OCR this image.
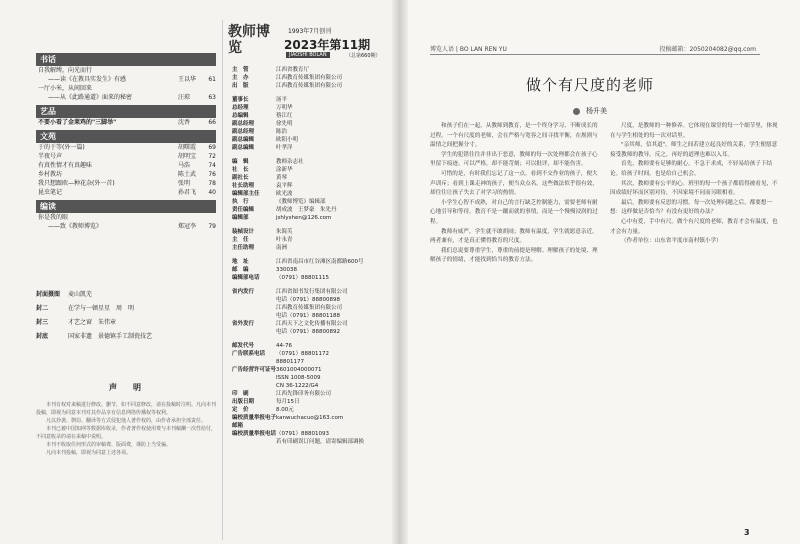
书话
自我解缚，向光而行
——读《在教具实发生》有感	王以华	61
一厅小米，从间回来
——从《此路通道》面来的秘密	汪琼	63
艺品
不要小看了金莱鸡的"三脚举"	沈香	66
文苑
于的于等(外一篇)	胡曙霞	69
半夜号声	胡明宝	72
有真性情才有真趣味	马浩	74
乡村教坊	陈土武	76
我只想跟欧—种花杂(外一首)	张明	78
昆虫笔记	孙君飞	40
编读
你是我的眼
——致《教师博览》	郑冠李	79
封面摄图 麦山凯芜
封二	在学与一顿星星　周　明
封三	才艺之窗　朱伟章
封底	国家非遗　景德镇手工制瓷技艺
声　明

本刊有权对来稿进行修改、删节，如不同意修改，请在投稿时注明。凡向本刊投稿，即视为同意本刊对其作品享有信息网络传播权等权利。

凡以抄袭、剽窃、翻译等方式侵犯他人著作权的，由作者承担全部责任。

本刊已被中国知网等数据库收录，作者著作权使用费与本刊稿酬一次性给付，不同意收录的请在来稿中说明。

本刊不收取任何形式的审稿费、版面费，谨防上当受骗。

凡向本刊投稿，即视为同意上述各项。

教师博览
1993年7月创刊
2023年第11期
JIAOSHI BOLAN	（总第660期）
主　管	江西省教育厅
主　办	江西教育传媒集团有限公司
出　版	江西教育传媒集团有限公司
董事长	汤平
总经理	万明华
总编辑	蔡江红
副总经理	徐先明
副总经理	陈浩
副总编辑	欧阳小明
副总编辑	叶孝洋
编　辑	教师杂志社
社　长	涂新华
副社长	黄琴
社长助理	袁平辉
编辑部主任	欧光波
执　行	《教师博览》编辑部
责任编辑	胡成波　王梦豪　朱先丹
编辑部	jshlyshen@126.com
装帧设计	朱海芙
主　任	叶永青
主任助理	南洲
地　址	江西省南昌市红谷滩区南都路600号
邮　编	330038
编辑部电话	（0791）88801115
省内发行	江西省图书发行集团有限公司
电话（0791）88800898
江西教育传媒集团有限公司
电话（0791）88801188
省外发行	江西天下之文化传播有限公司
电话（0791）88800892
邮发代号	44-76
广告联系电话	（0791）88801172
88801177
广告经营许可证号 3601004000071
ISSN 1008-5009
CN 36-1222/G4
印　刷	江西先锋印务有限公司
出版日期	每月15日
定　价	8.00元
编校质量举报电子邮箱
kanwuchacuo@163.com
编校质量举报电话 （0791）88801093
若有印刷误订问题，请寄编辑部调换
博览人语 | BO LAN REN YU	投稿邮箱：2050204082@qq.com
做个有尺度的老师
杨升美

和孩子们在一起，从教师到教育，是一个终身学习、不断成长的过程。一个有尺度的老师，会在严格与宽容之间寻找平衡，在规则与温情之间把握分寸。

学生的犯错往往并非出于恶意，教师的每一次处理都会在孩子心里留下痕迹。可以严格，却不能苛刻；可以批评，却不能伤害。

可惜的是，有时我们忘记了这一点。看到不交作业的孩子，便大声训斥；看到上课走神的孩子，便当众点名。这些做法似乎很有效，却往往让孩子失去了对学习的热情。

小学生心智不成熟，对自己的言行缺乏控制能力，需要老师有耐心地引导和等待。教育不是一蹴而就的事情，而是一个慢慢浸润的过程。

教师有威严，学生就不敢胡闹；教师有温度，学生就愿意亲近。两者兼有，才是真正懂得教育的尺度。

我们总说要尊重学生，尊重的前提是理解。理解孩子的处境、理解孩子的情绪，才能找到恰当的教育方法。

尺度，是教师的一种修养。它体现在课堂的每一个细节里，体现在与学生相处的每一次对话里。

"亲其师，信其道"。师生之间若建立起良好的关系，学生便愿意接受教师的教导。反之，再好的道理也难以入耳。

首先，教师要有足够的耐心，不急于求成，不轻易给孩子下结论。给孩子时间，也是给自己机会。

其次，教师要有公平的心。班里的每一个孩子都值得被看见，不因成绩好坏而区别对待，不因家境不同而另眼相看。

最后，教师要有反思的习惯。每一次处理问题之后，都要想一想：这样做是否恰当？有没有更好的办法？

心中有爱，手中有尺。做个有尺度的老师，教育才会有温度，也才会有力量。

（作者单位：山东省平度市南村镇小学）

3
